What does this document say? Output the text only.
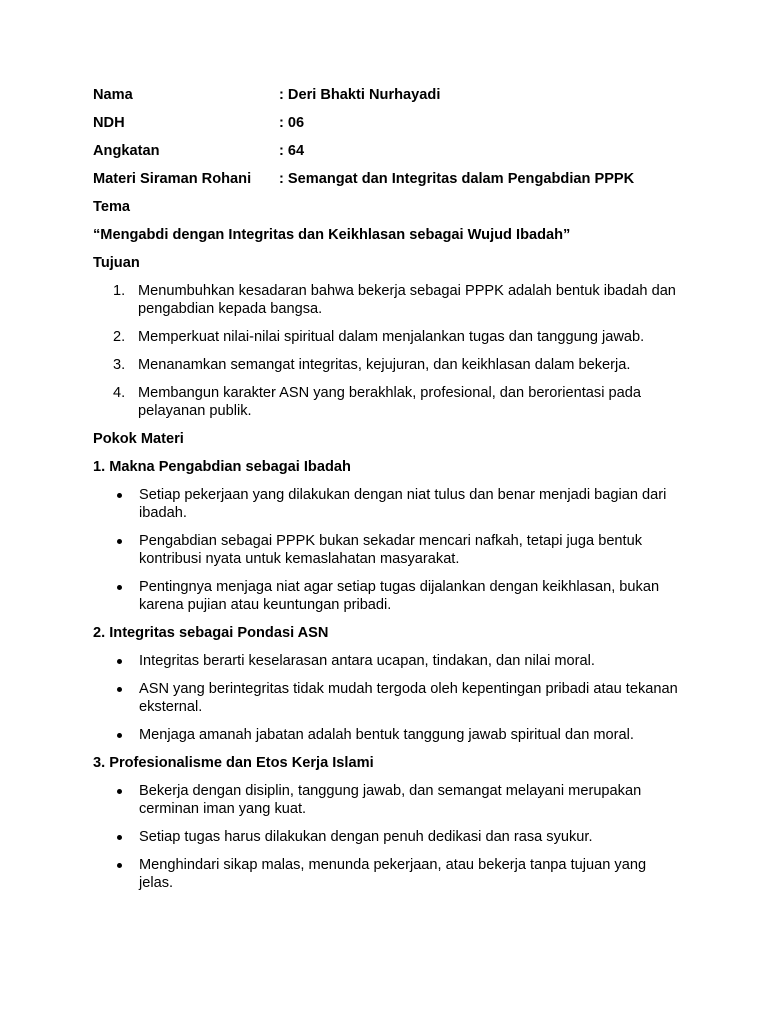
Nama	: Deri Bhakti Nurhayadi
NDH	: 06
Angkatan	: 64
Materi Siraman Rohani	: Semangat dan Integritas dalam Pengabdian PPPK
Tema
“Mengabdi dengan Integritas dan Keikhlasan sebagai Wujud Ibadah”
Tujuan
1. Menumbuhkan kesadaran bahwa bekerja sebagai PPPK adalah bentuk ibadah dan pengabdian kepada bangsa.
2. Memperkuat nilai-nilai spiritual dalam menjalankan tugas dan tanggung jawab.
3. Menanamkan semangat integritas, kejujuran, dan keikhlasan dalam bekerja.
4. Membangun karakter ASN yang berakhlak, profesional, dan berorientasi pada pelayanan publik.
Pokok Materi
1. Makna Pengabdian sebagai Ibadah
Setiap pekerjaan yang dilakukan dengan niat tulus dan benar menjadi bagian dari ibadah.
Pengabdian sebagai PPPK bukan sekadar mencari nafkah, tetapi juga bentuk kontribusi nyata untuk kemaslahatan masyarakat.
Pentingnya menjaga niat agar setiap tugas dijalankan dengan keikhlasan, bukan karena pujian atau keuntungan pribadi.
2. Integritas sebagai Pondasi ASN
Integritas berarti keselarasan antara ucapan, tindakan, dan nilai moral.
ASN yang berintegritas tidak mudah tergoda oleh kepentingan pribadi atau tekanan eksternal.
Menjaga amanah jabatan adalah bentuk tanggung jawab spiritual dan moral.
3. Profesionalisme dan Etos Kerja Islami
Bekerja dengan disiplin, tanggung jawab, dan semangat melayani merupakan cerminan iman yang kuat.
Setiap tugas harus dilakukan dengan penuh dedikasi dan rasa syukur.
Menghindari sikap malas, menunda pekerjaan, atau bekerja tanpa tujuan yang jelas.
